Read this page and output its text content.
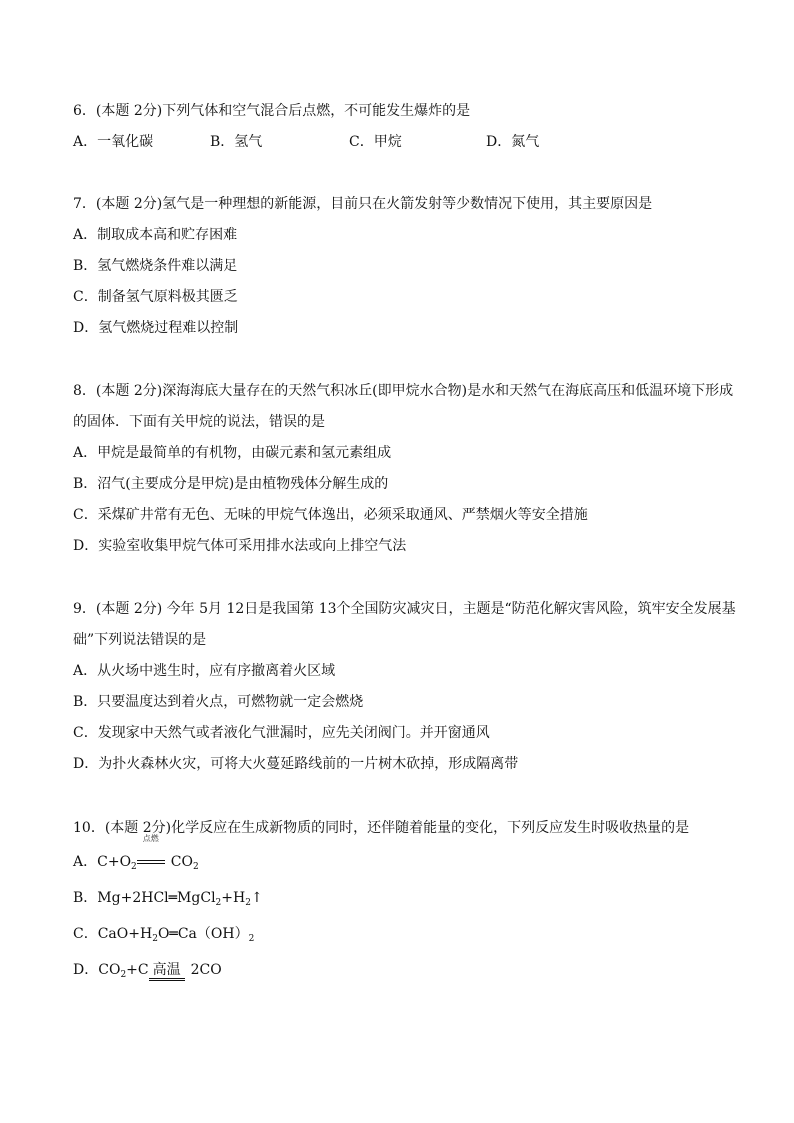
6．(本题 2分)下列气体和空气混合后点燃，不可能发生爆炸的是
A．一氧化碳	B．氢气	C．甲烷	D．氮气
7．(本题 2分)氢气是一种理想的新能源，目前只在火箭发射等少数情况下使用，其主要原因是
A．制取成本高和贮存困难
B．氢气燃烧条件难以满足
C．制备氢气原料极其匮乏
D．氢气燃烧过程难以控制
8．(本题 2分)深海海底大量存在的天然气积冰丘(即甲烷水合物)是水和天然气在海底高压和低温环境下形成
的固体．下面有关甲烷的说法，错误的是
A．甲烷是最简单的有机物，由碳元素和氢元素组成
B．沼气(主要成分是甲烷)是由植物残体分解生成的
C．采煤矿井常有无色、无味的甲烷气体逸出，必须采取通风、严禁烟火等安全措施
D．实验室收集甲烷气体可采用排水法或向上排空气法
9．(本题 2分) 今年 5月 12日是我国第 13个全国防灾减灾日，主题是“防范化解灾害风险，筑牢安全发展基
础”下列说法错误的是
A．从火场中逃生时，应有序撤离着火区域
B．只要温度达到着火点，可燃物就一定会燃烧
C．发现家中天然气或者液化气泄漏时，应先关闭阀门。并开窗通风
D．为扑火森林火灾，可将大火蔓延路线前的一片树木砍掉，形成隔离带
10．(本题 2分)化学反应在生成新物质的同时，还伴随着能量的变化，下列反应发生时吸收热量的是
A．$C+O_2$
点燃
$CO_2$
B．$Mg+2HCl═MgCl_2+H_2↑$
C．$CaO+H_2O═Ca(OH)_2$
D．$CO_2+C$ 高温 2CO
